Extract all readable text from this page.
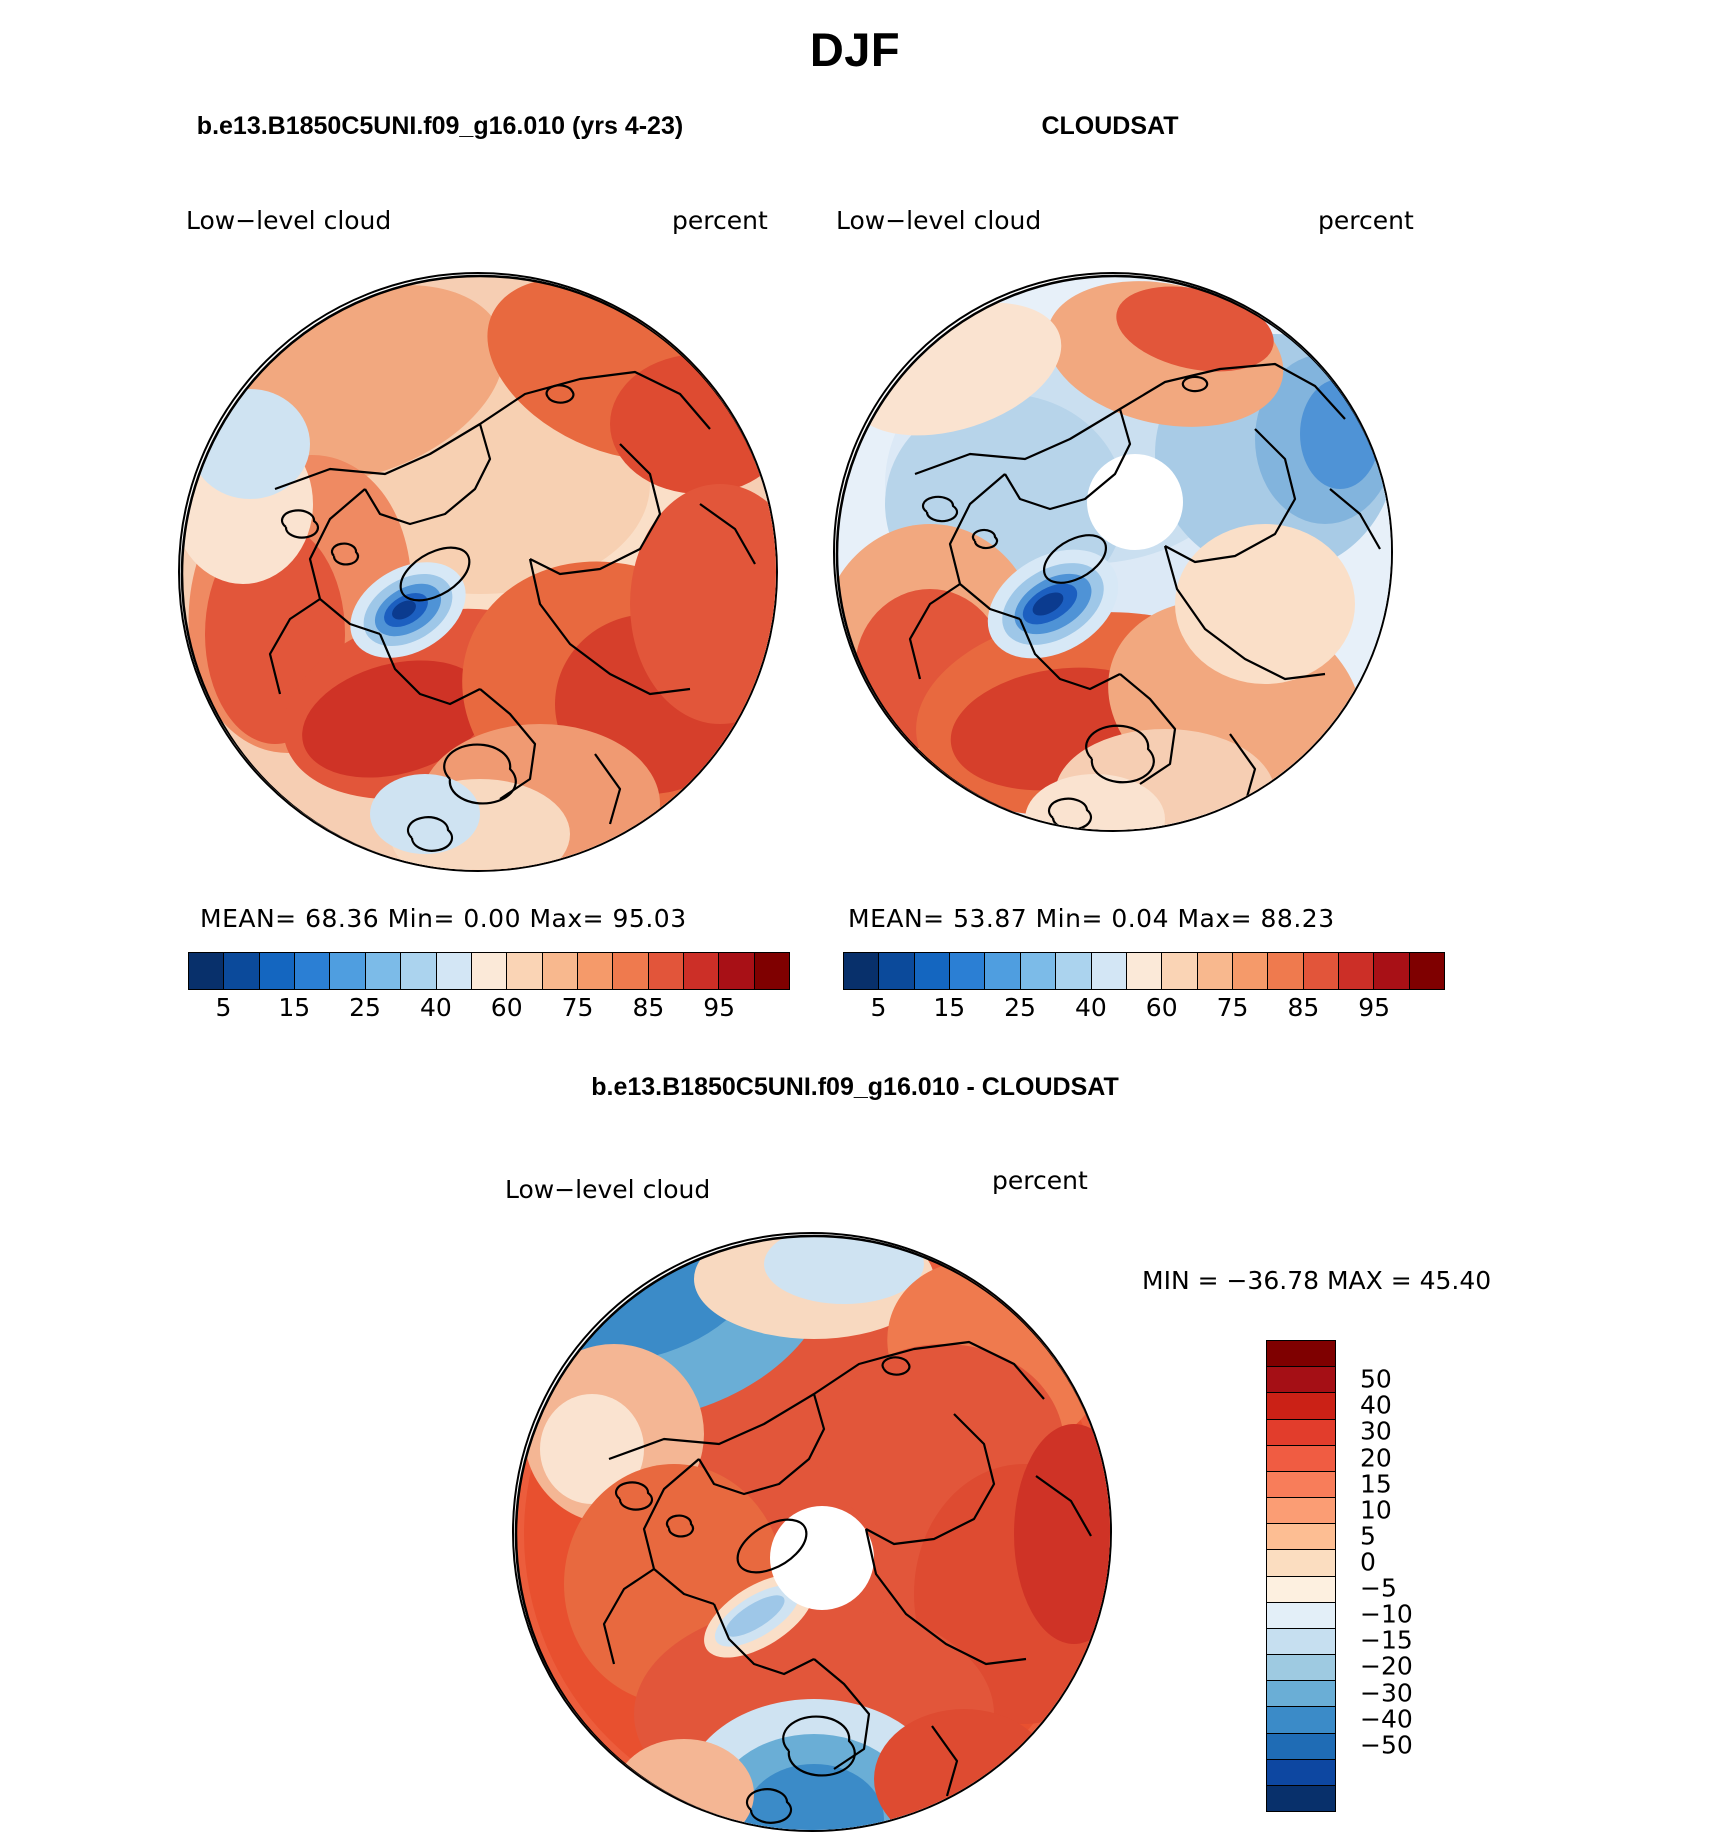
DJF
b.e13.B1850C5UNI.f09_g16.010 (yrs 4-23)	CLOUDSAT
b.e13.B1850C5UNI.f09_g16.010 - CLOUDSAT
Low−level cloud	percent	Low−level cloud	percent
MEAN= 68.36 Min= 0.00 Max= 95.03	MEAN= 53.87 Min= 0.04 Max= 88.23
5 15 25 40 60 75 85 95	5 15 25 40 60 75 85 95
Low−level cloud	percent
MIN = −36.78 MAX = 45.40
50
40
30
20
15
10
5
0
−5
−10
−15
−20
−30
−40
−50
